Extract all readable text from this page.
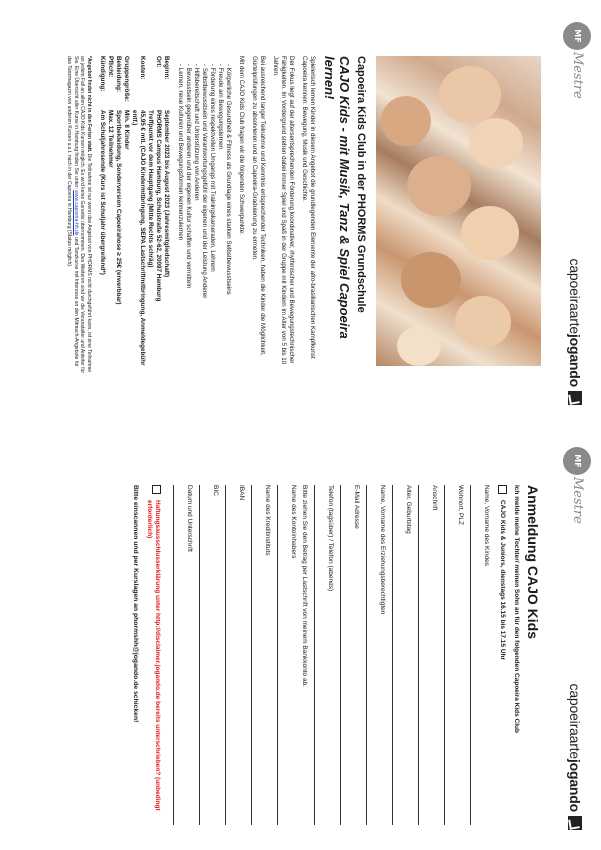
MF
Mestre
capoeiraartejogando

Capoeira Kids Club in der PHORMS Grundschule

CAJO Kids - mit Musik, Tanz & Spiel Capoeira lernen!

Spielerisch lernen Kinder in diesem Angebot die grundlegenden Elemente der afro-brasilianischen Kampfkunst Capoeira kennen: Bewegung, Musik und Geschichte.

Der Fokus liegt auf der altersentsprechenden Förderung koordinativer, rhythmischer und Bewegungstechnischer Fähigkeiten. Im Vordergrund stehen dabei immer Spiel und Spaß in der Gruppe mit Kindern im Alter von 5 bis 10 Jahren.

Bei ausreichend langer Teilnahme und Kenntnis entsprechender Techniken, haben die Kinder die Möglichkeit, Gürtelprüfungen zu absolvieren und an Capoeira-Graduierung zu ermeten.

Mit dem CAJO Kids Club fragen wir die folgenden Schwerpunkte:

- Körperliche Gesundheit & Fitness als Grundlage eines starken Selbstbewusstseins
- Freude am Bewegungslernen
- Förderung eines respektvollen Umgangs mit Trainingskameraden, Lehrern
- Selbstbewusstsein und Verantwortungsgefühl der eigenen und der Leistung Anderer
- Hilfsbereitschaft und Unterstützung von Anderen
- Bewusstsein gegenüber anderen und der eigenen Kultur schaffen und vermitteln
- Lernen, neue Kulturen und Bewegungsformen kennenzulernen
Beginn:	September 2023 bis August 2023 (Jahresmitgliedschaft)
Ort:	PHORMS Campus Hamburg, Schulstraße 52-62, 20097 Hamburg
	Treffpunkt vor dem Hauptgang (Mitte Rechts schräg)
Kosten:	45,95 € mtl. (CAJO Kindermitbringung, SEPA Lastschriftmitbringung, Anmeldegebühr entf.)
Gruppengröße:	Min. 8 Kinder
Bekleidung:	Sportbekleidung, Sonderversion Capoeirahose ≥ 25€ (erwerbbar)
Pflicht:	Max. 12 Teilnehmer
Kündigung:	Am Schuljahresende (Kurs ist Schuljahr übergreifend*)

*Angebot findet nicht in den Ferien statt. Die Teilnahme ist nur wenn das Angebot von PHORMS nicht durchgeführt kann, ist eine Teilnahme an jedem Fall an allen CAJO Kids Kursen möglich. Es wird keine Garantie übernommen. Des Weiteren sind wir die Veranstalter und Anleiter für Sie. Eine Übersicht aller Kurse in Hamburg finden Sie unter: www.capoeira-hh.de und Tanzkurse mit Interesse an den Mitmach-Angebote für das Tanzmagazin von anderen Kursen u.s.t. nach in der Capoeira in Hamburg (Status möglich).

MF
Mestre
capoeiraartejogando
Anmeldung CAJO Kids

Ich melde meine Tochter/ meinen Sohn an für den folgenden Capoeira Kids Club

CAJO Kids & Juniors, dienstags 16.15 bis 17.15 Uhr
Name, Vorname des Kindes
Wohnort, PLZ
Anschrift
Alter, Geburtstag
Name, Vorname des Erziehungsberechtigten
E-Mail Adresse
Telefon (tagsüber) / Telefon (abends)

Bitte ziehen Sie den Betrag per Lastschrift von meinem Bankkonto ab.

Name des Kontoinhabers
Name des Kreditinstituts
IBAN
BIC
Datum und Unterschrift
Haftungsausschlusserklärung unter http://disclaimer.jogando.de bereits unterschrieben? (unbedingt erforderlich)

Bitte einscannen und per Kurslagen an phormshh@jogando.de schicken!
